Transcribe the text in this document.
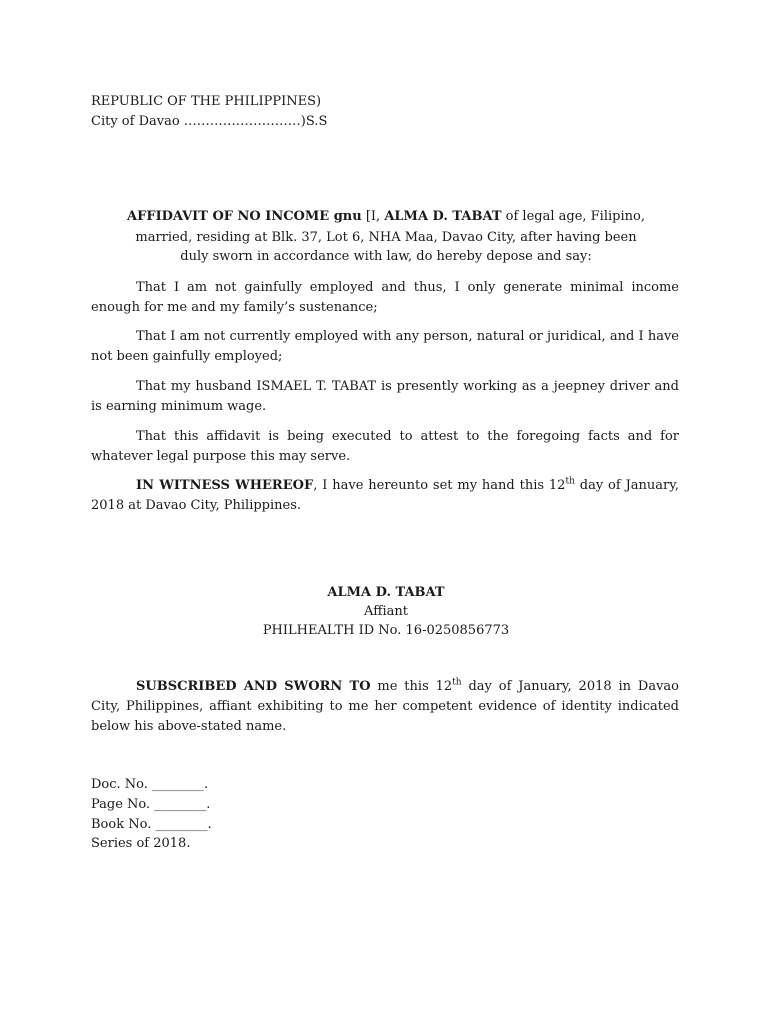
REPUBLIC OF THE PHILIPPINES)
City of Davao ………………………)S.S
AFFIDAVIT OF NO INCOME gnu [I, ALMA D. TABAT of legal age, Filipino,
married, residing at Blk. 37, Lot 6, NHA Maa, Davao City, after having been
duly sworn in accordance with law, do hereby depose and say:

That I am not gainfully employed and thus, I only generate minimal income enough for me and my family’s sustenance;

That I am not currently employed with any person, natural or juridical, and I have not been gainfully employed;

That my husband ISMAEL T. TABAT is presently working as a jeepney driver and is earning minimum wage.

That this affidavit is being executed to attest to the foregoing facts and for whatever legal purpose this may serve.

IN WITNESS WHEREOF, I have hereunto set my hand this 12th day of January, 2018 at Davao City, Philippines.

ALMA D. TABAT
Affiant
PHILHEALTH ID No. 16-0250856773

SUBSCRIBED AND SWORN TO me this 12th day of January, 2018 in Davao City, Philippines, affiant exhibiting to me her competent evidence of identity indicated below his above-stated name.

Doc. No. ________.
Page No. ________.
Book No. ________.
Series of 2018.
